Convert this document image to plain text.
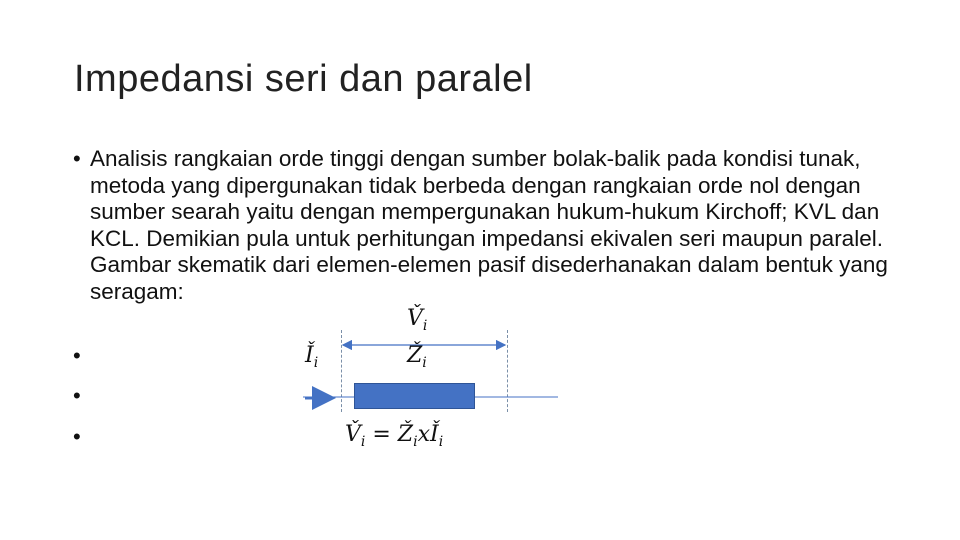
Impedansi seri dan paralel
• Analisis rangkaian orde tinggi dengan sumber bolak-balik pada kondisi tunak, metoda yang dipergunakan tidak berbeda dengan rangkaian orde nol dengan sumber searah yaitu dengan mempergunakan hukum-hukum Kirchoff; KVL dan KCL. Demikian pula untuk perhitungan impedansi ekivalen seri maupun paralel. Gambar skematik dari elemen-elemen pasif disederhanakan dalam bentuk yang seragam:

•
•
•
$V̌_i$
$Ǐ_i$	$Ž_i$
$V̌_i$ = $Ž_ixǏ_i$
